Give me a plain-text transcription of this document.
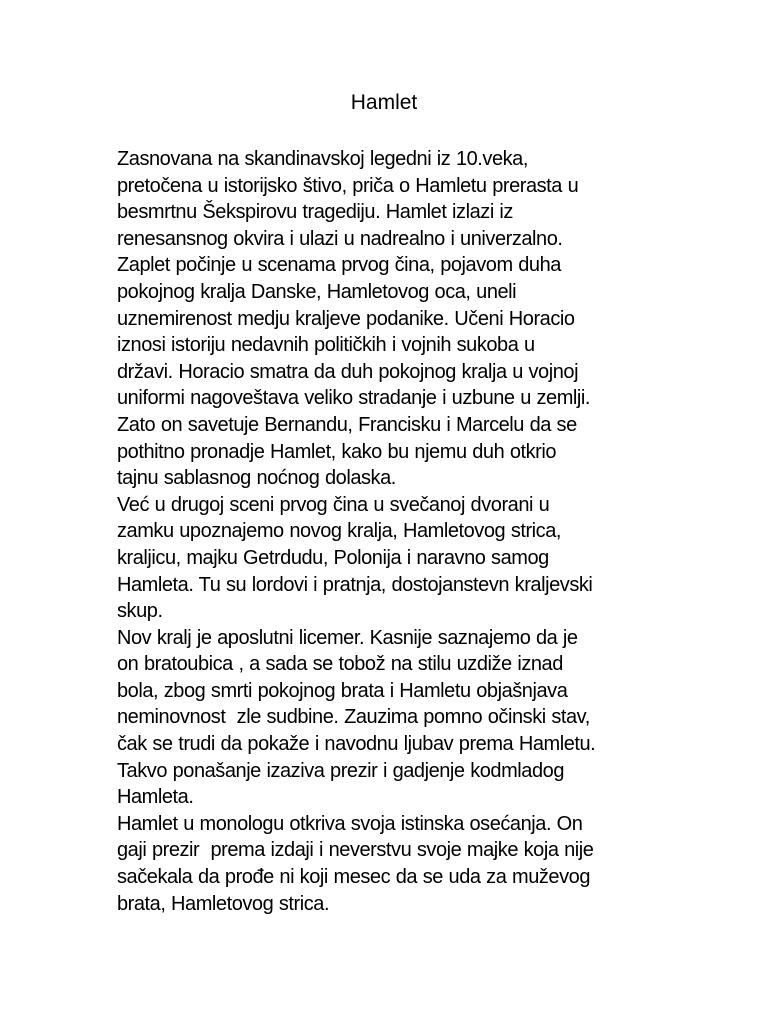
Hamlet
Zasnovana na skandinavskoj legedni iz 10.veka,
pretočena u istorijsko štivo, priča o Hamletu prerasta u
besmrtnu Šekspirovu tragediju. Hamlet izlazi iz
renesansnog okvira i ulazi u nadrealno i univerzalno.
Zaplet počinje u scenama prvog čina, pojavom duha
pokojnog kralja Danske, Hamletovog oca, uneli
uznemirenost medju kraljeve podanike. Učeni Horacio
iznosi istoriju nedavnih političkih i vojnih sukoba u
državi. Horacio smatra da duh pokojnog kralja u vojnoj
uniformi nagoveštava veliko stradanje i uzbune u zemlji.
Zato on savetuje Bernandu, Francisku i Marcelu da se
pothitno pronadje Hamlet, kako bu njemu duh otkrio
tajnu sablasnog noćnog dolaska.
Već u drugoj sceni prvog čina u svečanoj dvorani u
zamku upoznajemo novog kralja, Hamletovog strica,
kraljicu, majku Getrdudu, Polonija i naravno samog
Hamleta. Tu su lordovi i pratnja, dostojanstevn kraljevski
skup.
Nov kralj je aposlutni licemer. Kasnije saznajemo da je
on bratoubica , a sada se tobož na stilu uzdiže iznad
bola, zbog smrti pokojnog brata i Hamletu objašnjava
neminovnost  zle sudbine. Zauzima pomno očinski stav,
čak se trudi da pokaže i navodnu ljubav prema Hamletu.
Takvo ponašanje izaziva prezir i gadjenje kodmladog
Hamleta.
Hamlet u monologu otkriva svoja istinska osećanja. On
gaji prezir  prema izdaji i neverstvu svoje majke koja nije
sačekala da prođe ni koji mesec da se uda za muževog
brata, Hamletovog strica.
